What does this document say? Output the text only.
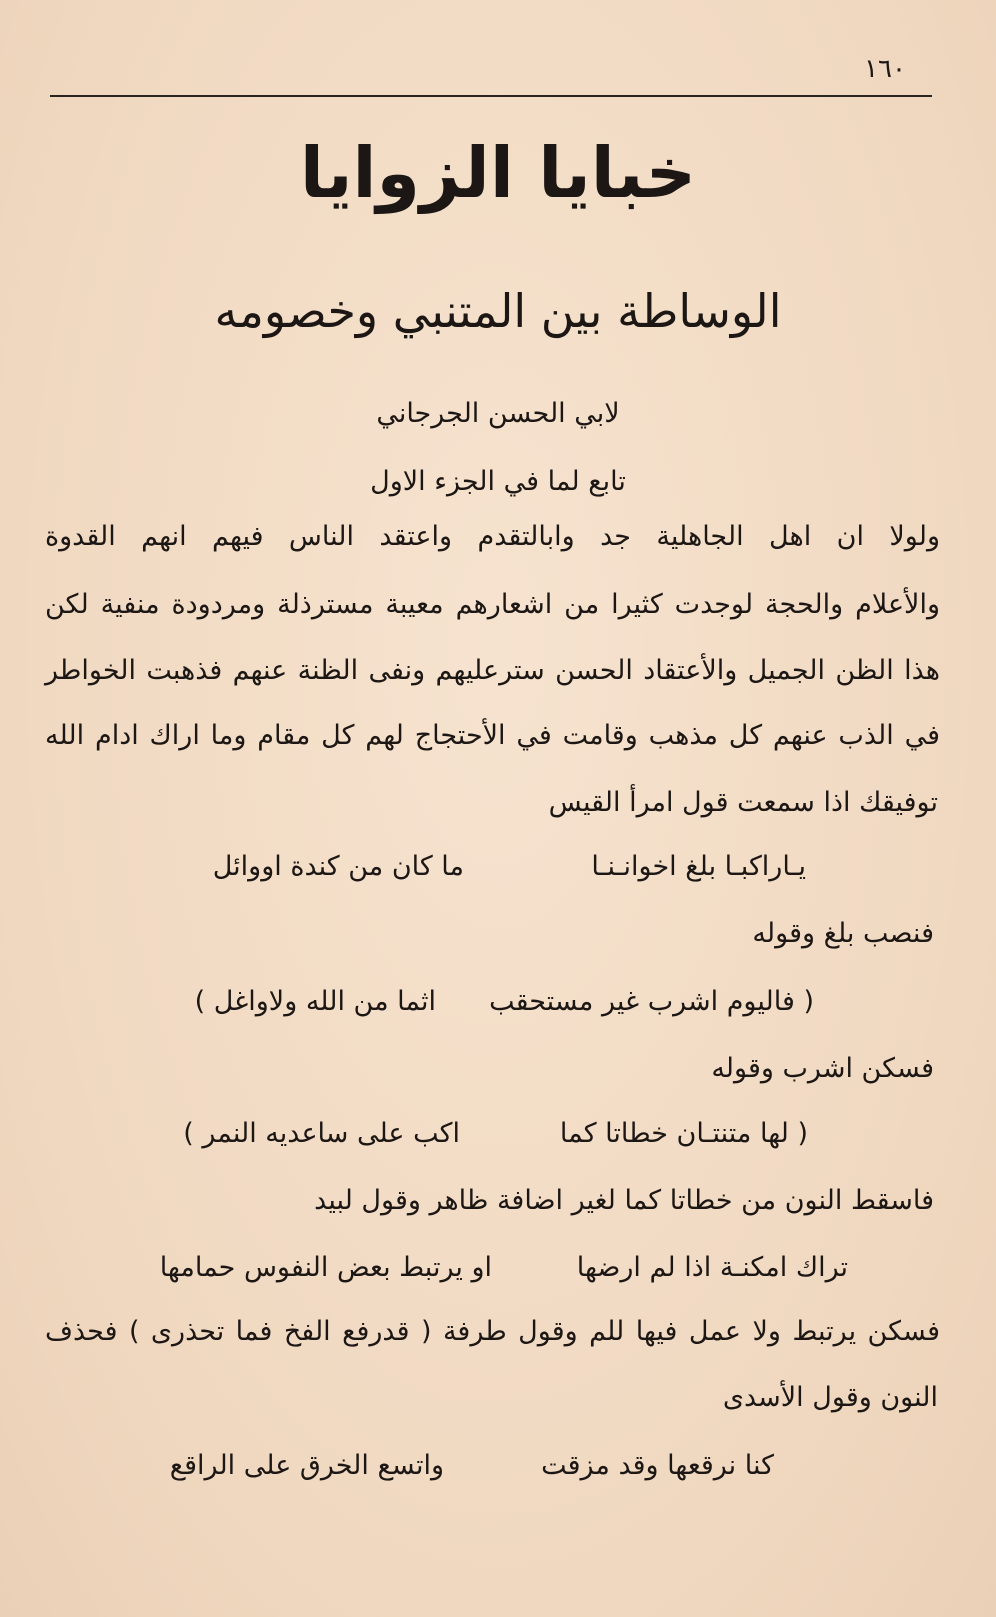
١٦٠
خبايا الزوايا
الوساطة بين المتنبي وخصومه
لابي الحسن الجرجاني
تابع لما في الجزء الاول
ولولا ان اهل الجاهلية جد وابالتقدم واعتقد الناس فيهم انهم القدوة
والأعلام والحجة لوجدت كثيرا من اشعارهم معيبة مسترذلة ومردودة منفية لكن
هذا الظن الجميل والأعتقاد الحسن سترعليهم ونفى الظنة عنهم فذهبت الخواطر
في الذب عنهم كل مذهب وقامت في الأحتجاج لهم كل مقام وما اراك ادام الله
توفيقك اذا سمعت قول امرأ القيس
يـاراكبـا بلغ اخوانـنـا
ما كان من كندة اووائل
فنصب بلغ وقوله
( فاليوم اشرب غير مستحقب
اثما من الله ولاواغل )
فسكن اشرب وقوله
( لها متنتـان خطاتا كما
اكب على ساعديه النمر )
فاسقط النون من خطاتا كما لغير اضافة ظاهر وقول لبيد
تراك امكنـة اذا لم ارضها
او يرتبط بعض النفوس حمامها
فسكن يرتبط ولا عمل فيها للم وقول طرفة ( قدرفع الفخ فما تحذرى ) فحذف
النون وقول الأسدى
كنا نرقعها وقد مزقت
واتسع الخرق على الراقع
